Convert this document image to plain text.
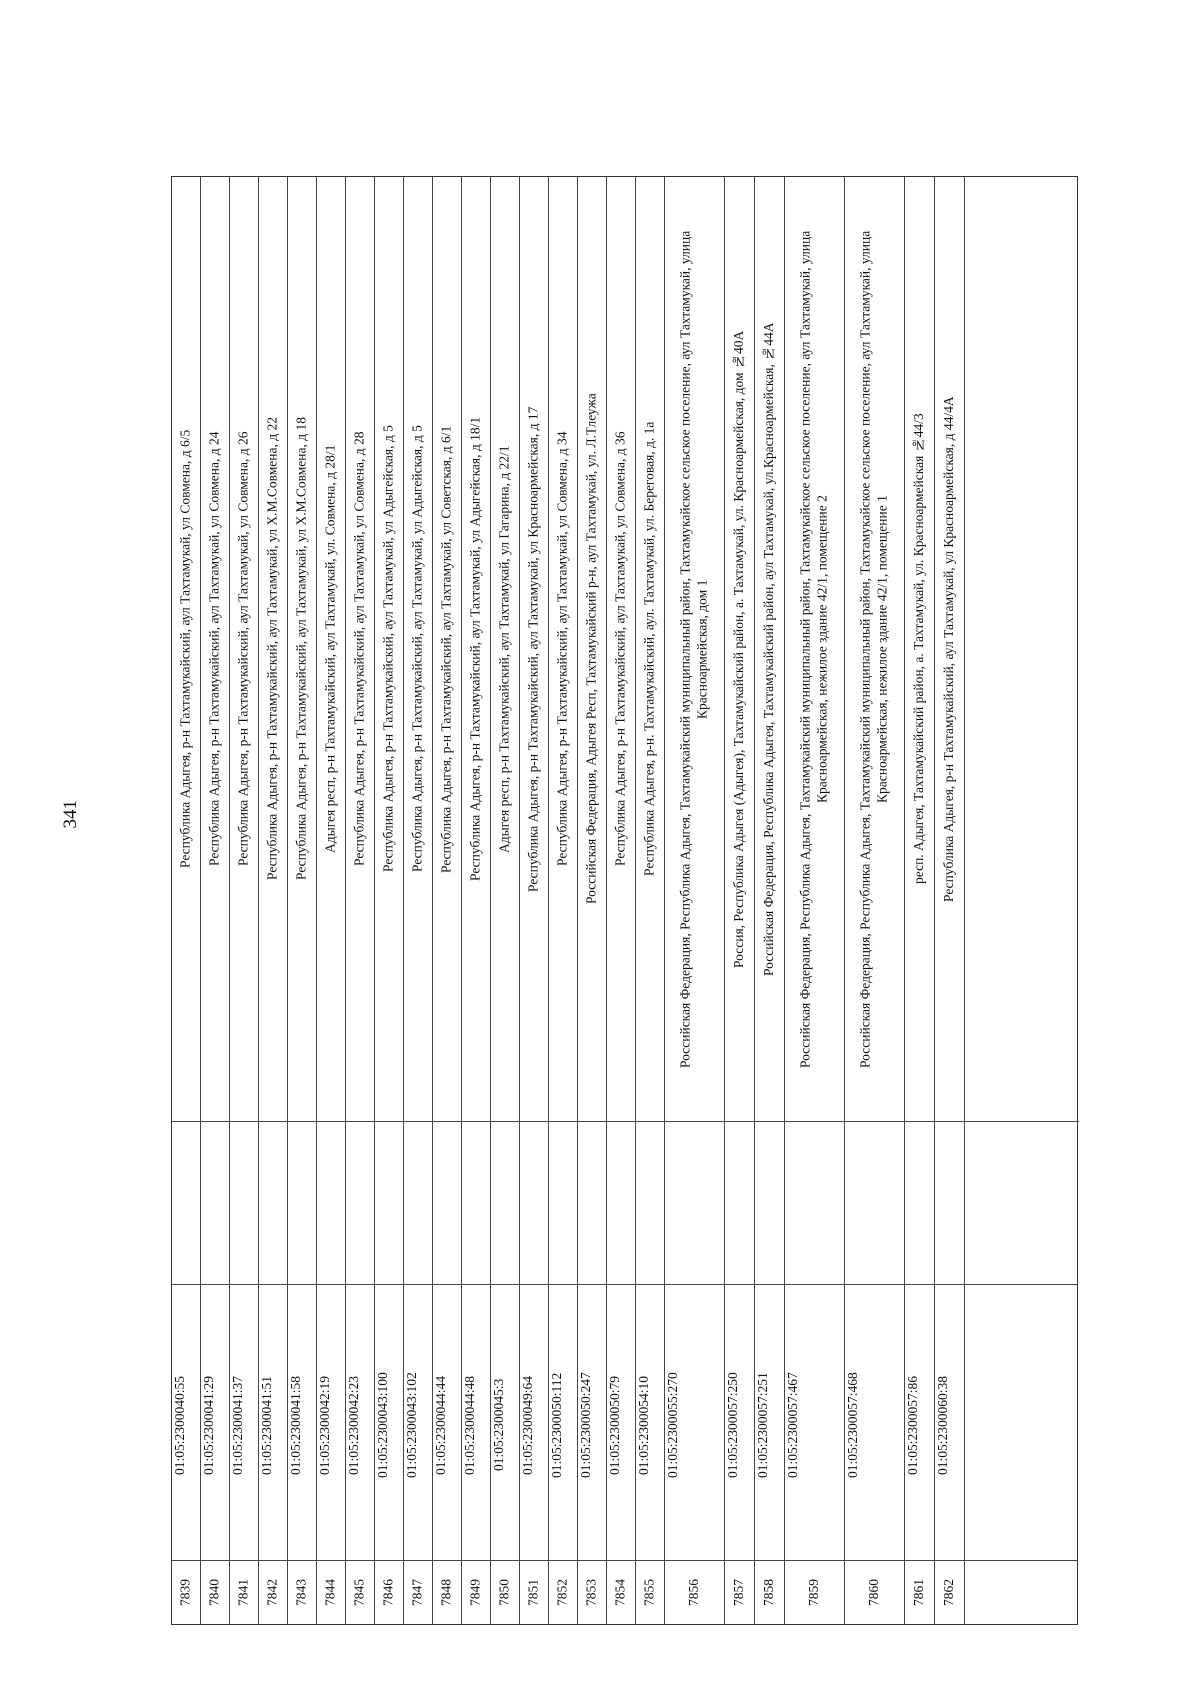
341
7839
01:05:2300040:55
Республика Адыгея, р-н Тахтамукайский, аул Тахтамукай, ул Совмена, д 6/5
7840
01:05:2300041:29
Республика Адыгея, р-н Тахтамукайский, аул Тахтамукай, ул Совмена, д 24
7841
01:05:2300041:37
Республика Адыгея, р-н Тахтамукайский, аул Тахтамукай, ул Совмена, д 26
7842
01:05:2300041:51
Республика Адыгея, р-н Тахтамукайский, аул Тахтамукай, ул Х.М.Совмена, д 22
7843
01:05:2300041:58
Республика Адыгея, р-н Тахтамукайский, аул Тахтамукай, ул Х.М.Совмена, д 18
7844
01:05:2300042:19
Адыгея респ, р-н Тахтамукайский, аул Тахтамукай, ул. Совмена, д 28/1
7845
01:05:2300042:23
Республика Адыгея, р-н Тахтамукайский, аул Тахтамукай, ул Совмена, д 28
7846
01:05:2300043:100
Республика Адыгея, р-н Тахтамукайский, аул Тахтамукай, ул Адыгейская, д 5
7847
01:05:2300043:102
Республика Адыгея, р-н Тахтамукайский, аул Тахтамукай, ул Адыгейская, д 5
7848
01:05:2300044:44
Республика Адыгея, р-н Тахтамукайский, аул Тахтамукай, ул Советская, д 6/1
7849
01:05:2300044:48
Республика Адыгея, р-н Тахтамукайский, аул Тахтамукай, ул Адыгейская, д 18/1
7850
01:05:2300045:3
Адыгея респ, р-н Тахтамукайский, аул Тахтамукай, ул Гагарина, д 22/1
7851
01:05:2300049:64
Республика Адыгея, р-н Тахтамукайский, аул Тахтамукай, ул Красноармейская, д 17
7852
01:05:2300050:112
Республика Адыгея, р-н Тахтамукайский, аул Тахтамукай, ул Совмена, д 34
7853
01:05:2300050:247
Российская Федерация, Адыгея Респ, Тахтамукайский р-н, аул Тахтамукай, ул. Л.Тлеужа
7854
01:05:2300050:79
Республика Адыгея, р-н Тахтамукайский, аул Тахтамукай, ул Совмена, д 36
7855
01:05:2300054:10
Республика Адыгея, р-н. Тахтамукайский, аул. Тахтамукай, ул. Береговая, д. 1а
7856
01:05:2300055:270
Российская Федерация, Республика Адыгея, Тахтамукайский муниципальный район, Тахтамукайское сельское поселение, аул Тахтамукай, улица Красноармейская, дом 1
7857
01:05:2300057:250
Россия, Республика Адыгея (Адыгея), Тахтамукайский район, а. Тахтамукай, ул. Красноармейская, дом №40А
7858
01:05:2300057:251
Российская Федерация, Республика Адыгея, Тахтамукайский район, аул Тахтамукай, ул.Красноармейская, №44А
7859
01:05:2300057:467
Российская Федерация, Республика Адыгея, Тахтамукайский муниципальный район, Тахтамукайское сельское поселение, аул Тахтамукай, улица Красноармейская, нежилое здание 42/1, помещение 2
7860
01:05:2300057:468
Российская Федерация, Республика Адыгея, Тахтамукайский муниципальный район, Тахтамукайское сельское поселение, аул Тахтамукай, улица Красноармейская, нежилое здание 42/1, помещение 1
7861
01:05:2300057:86
респ. Адыгея, Тахтамукайский район, а. Тахтамукай, ул. Красноармейская №44/3
7862
01:05:2300060:38
Республика Адыгея, р-н Тахтамукайский, аул Тахтамукай, ул Красноармейская, д 44/4А
